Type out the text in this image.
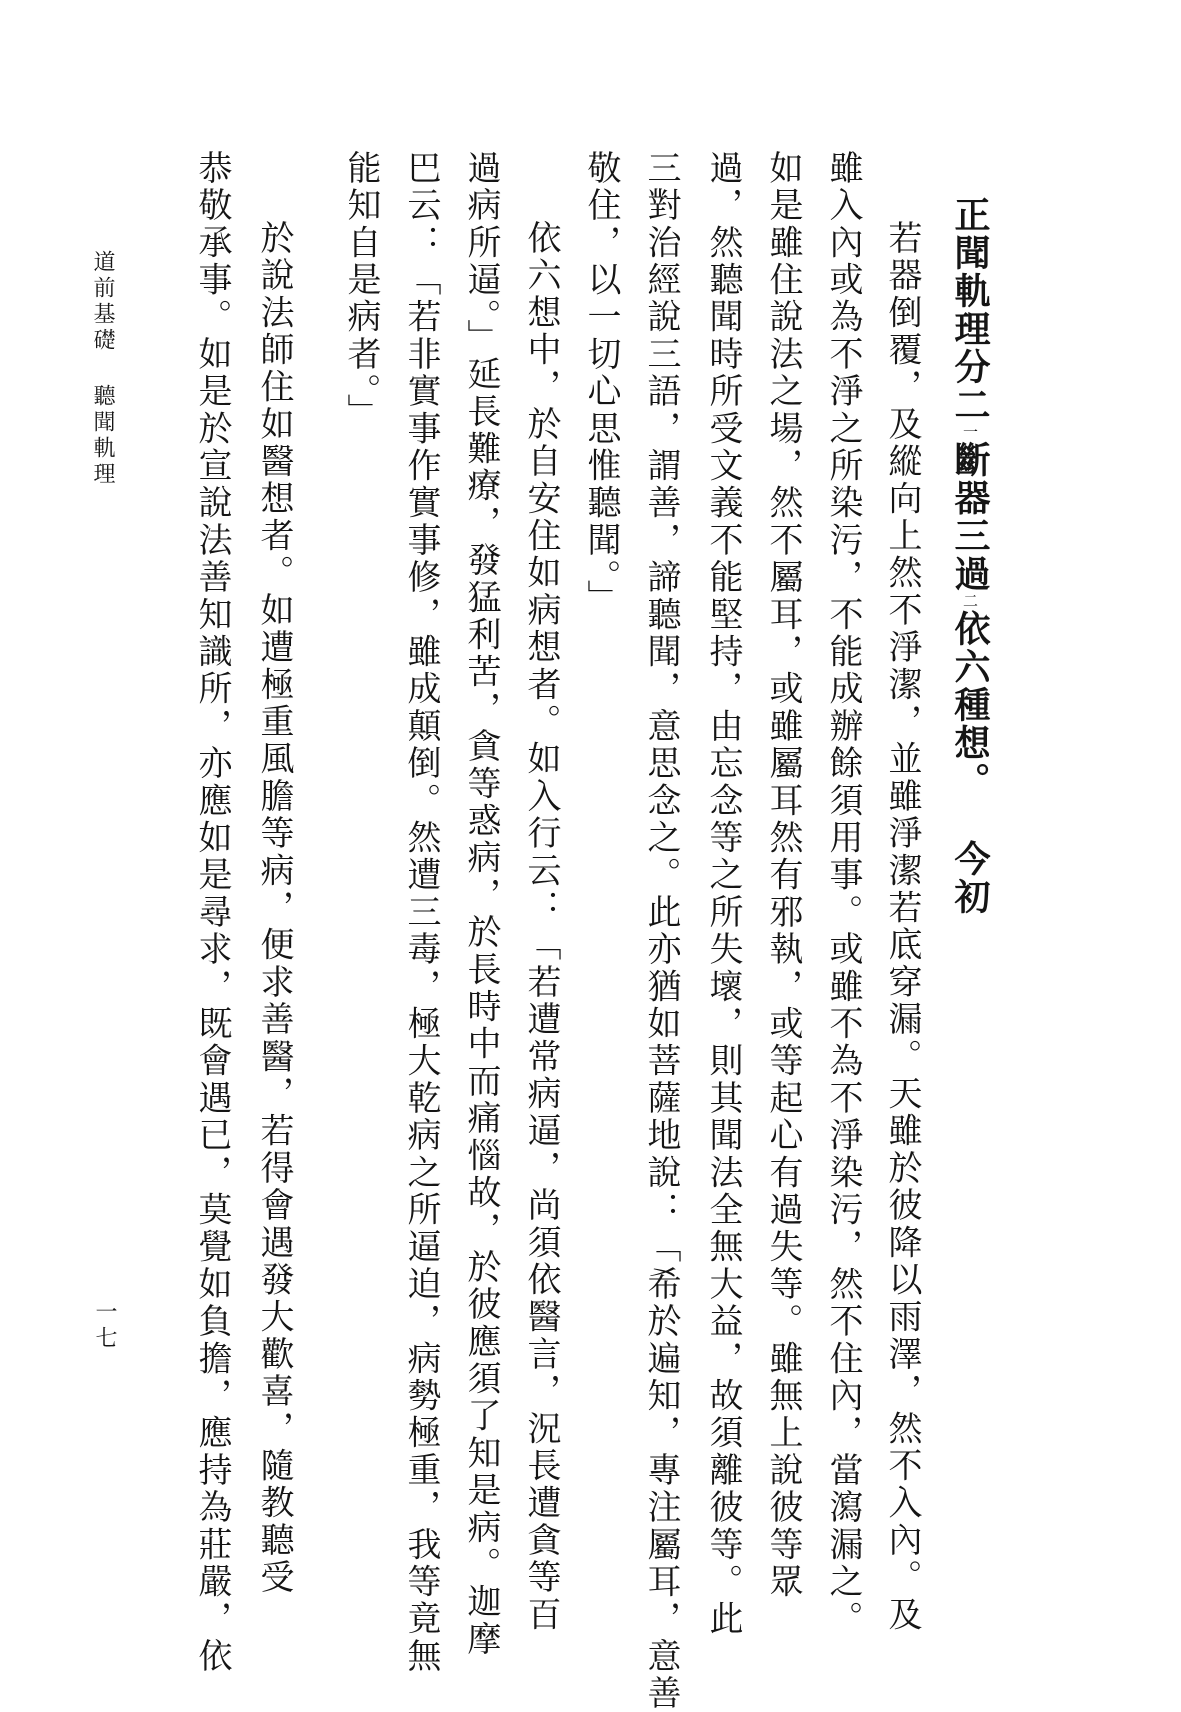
正聞軌理分二一斷器三過二依六種想。今初
若器倒覆，及縱向上然不淨潔，並雖淨潔若底穿漏。天雖於彼降以雨澤，然不入內。及
雖入內或為不淨之所染污，不能成辦餘須用事。或雖不為不淨染污，然不住內，當瀉漏之。
如是雖住說法之場，然不屬耳，或雖屬耳然有邪執，或等起心有過失等。雖無上說彼等眾
過，然聽聞時所受文義不能堅持，由忘念等之所失壞，則其聞法全無大益，故須離彼等。此
三對治經說三語，謂善，諦聽聞，意思念之。此亦猶如菩薩地說：「希於遍知，專注屬耳，意善
敬住，以一切心思惟聽聞。」
依六想中，於自安住如病想者。如入行云：「若遭常病逼，尚須依醫言，況長遭貪等百
過病所逼。」延長難療，發猛利苦，貪等惑病，於長時中而痛惱故，於彼應須了知是病。迦摩
巴云：「若非實事作實事修，雖成顛倒。然遭三毒，極大乾病之所逼迫，病勢極重，我等竟無
能知自是病者。」
於說法師住如醫想者。如遭極重風膽等病，便求善醫，若得會遇發大歡喜，隨教聽受
恭敬承事。如是於宣說法善知識所，亦應如是尋求，既會遇已，莫覺如負擔，應持為莊嚴，依
道前基礎聽聞軌理
一七
